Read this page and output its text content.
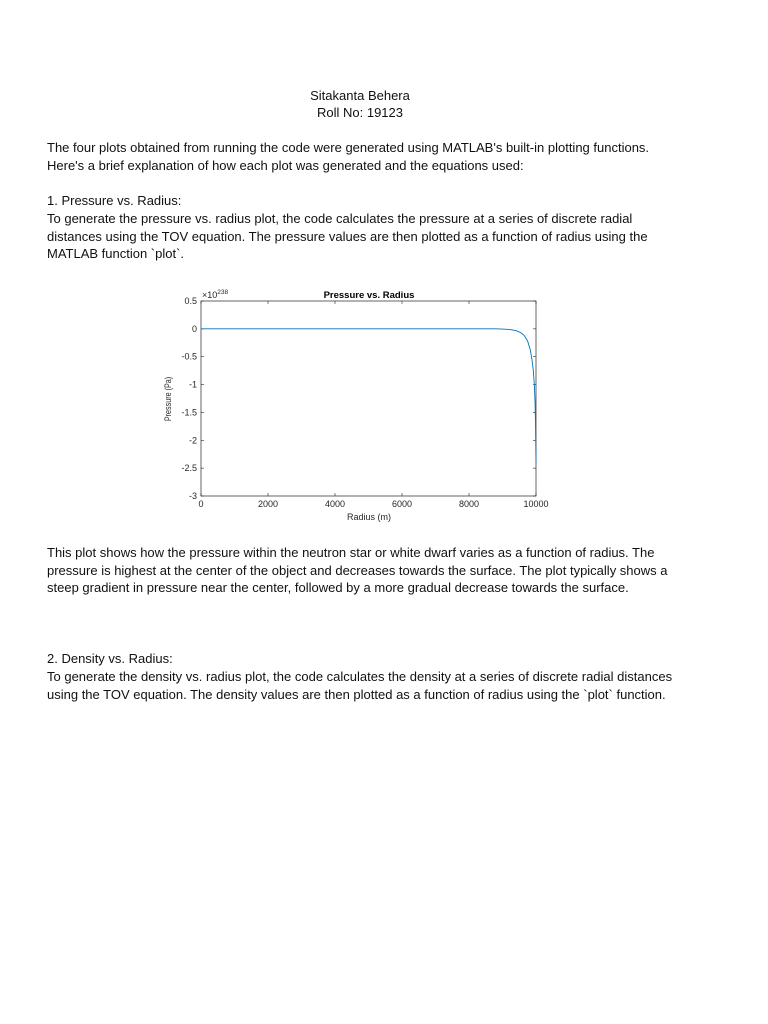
Sitakanta Behera
Roll No: 19123

The four plots obtained from running the code were generated using MATLAB's built-in plotting functions. Here's a brief explanation of how each plot was generated and the equations used:

1. Pressure vs. Radius:

To generate the pressure vs. radius plot, the code calculates the pressure at a series of discrete radial distances using the TOV equation. The pressure values are then plotted as a function of radius using the MATLAB function `plot`.

0	2000	4000	6000	8000	10000
0.5
0
-0.5
-1
-1.5
-2
-2.5
-3
Pressure vs. Radius
Radius (m)
Pressure (Pa)
$\times 10^{238}$

This plot shows how the pressure within the neutron star or white dwarf varies as a function of radius. The pressure is highest at the center of the object and decreases towards the surface. The plot typically shows a steep gradient in pressure near the center, followed by a more gradual decrease towards the surface.

2. Density vs. Radius:

To generate the density vs. radius plot, the code calculates the density at a series of discrete radial distances using the TOV equation. The density values are then plotted as a function of radius using the `plot` function.
